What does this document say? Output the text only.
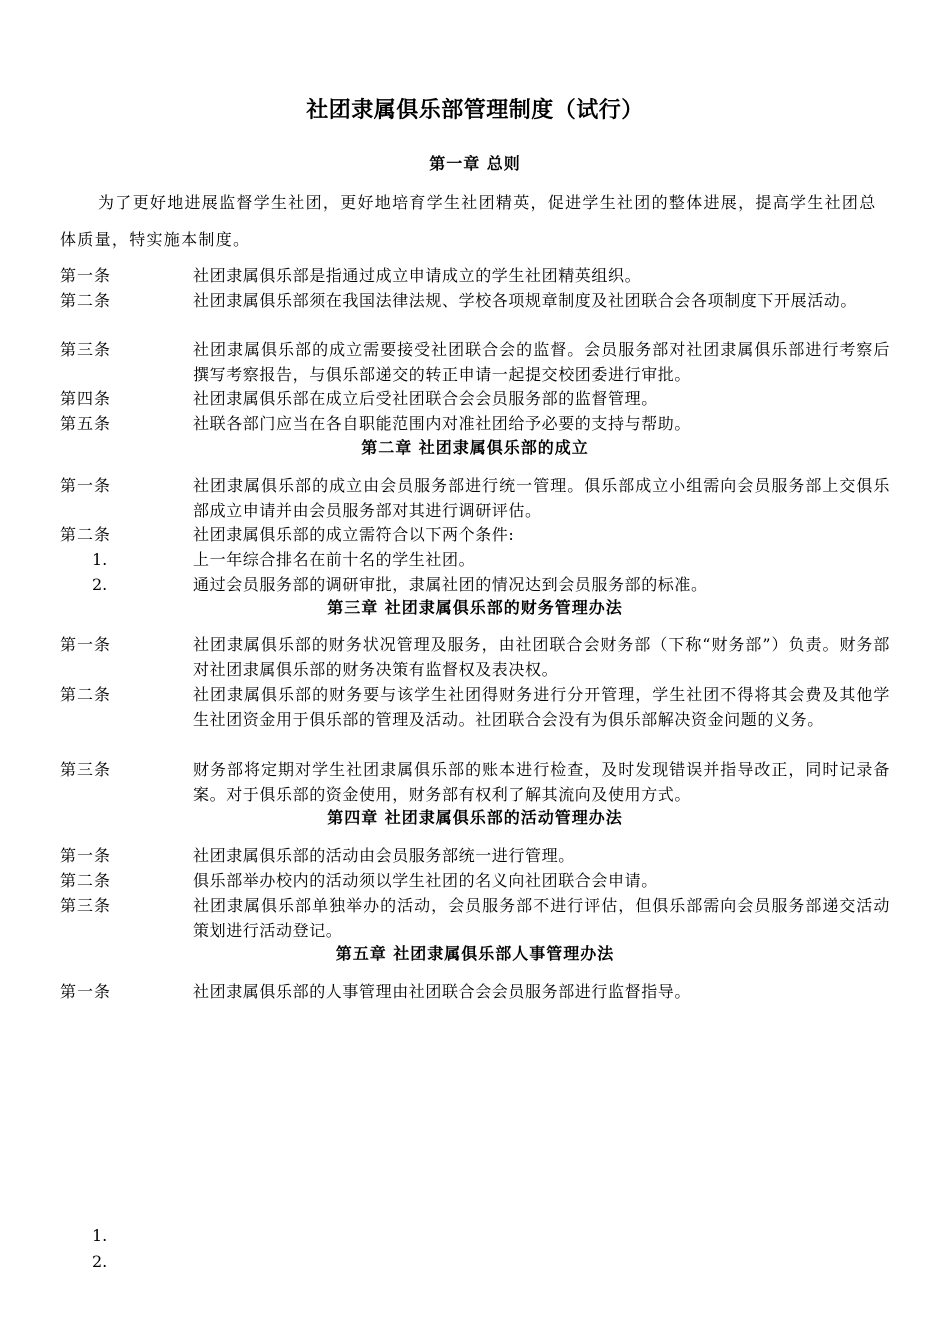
社团隶属俱乐部管理制度（试行）
第一章 总则
为了更好地进展监督学生社团，更好地培育学生社团精英，促进学生社团的整体进展，提高学生社团总体质量，特实施本制度。
第一条	社团隶属俱乐部是指通过成立申请成立的学生社团精英组织。
第二条	社团隶属俱乐部须在我国法律法规、学校各项规章制度及社团联合会各项制度下开展活动。
第三条	社团隶属俱乐部的成立需要接受社团联合会的监督。会员服务部对社团隶属俱乐部进行考察后撰写考察报告，与俱乐部递交的转正申请一起提交校团委进行审批。
第四条	社团隶属俱乐部在成立后受社团联合会会员服务部的监督管理。
第五条	社联各部门应当在各自职能范围内对准社团给予必要的支持与帮助。
第二章 社团隶属俱乐部的成立
第一条	社团隶属俱乐部的成立由会员服务部进行统一管理。俱乐部成立小组需向会员服务部上交俱乐部成立申请并由会员服务部对其进行调研评估。
第二条	社团隶属俱乐部的成立需符合以下两个条件:
1.	上一年综合排名在前十名的学生社团。
2.	通过会员服务部的调研审批，隶属社团的情况达到会员服务部的标准。
第三章 社团隶属俱乐部的财务管理办法
第一条	社团隶属俱乐部的财务状况管理及服务，由社团联合会财务部（下称“财务部”）负责。财务部对社团隶属俱乐部的财务决策有监督权及表决权。
第二条	社团隶属俱乐部的财务要与该学生社团得财务进行分开管理，学生社团不得将其会费及其他学生社团资金用于俱乐部的管理及活动。社团联合会没有为俱乐部解决资金问题的义务。
第三条	财务部将定期对学生社团隶属俱乐部的账本进行检查，及时发现错误并指导改正，同时记录备案。对于俱乐部的资金使用，财务部有权利了解其流向及使用方式。
第四章 社团隶属俱乐部的活动管理办法
第一条	社团隶属俱乐部的活动由会员服务部统一进行管理。
第二条	俱乐部举办校内的活动须以学生社团的名义向社团联合会申请。
第三条	社团隶属俱乐部单独举办的活动，会员服务部不进行评估，但俱乐部需向会员服务部递交活动策划进行活动登记。
第五章 社团隶属俱乐部人事管理办法
第一条	社团隶属俱乐部的人事管理由社团联合会会员服务部进行监督指导。
1.
2.
